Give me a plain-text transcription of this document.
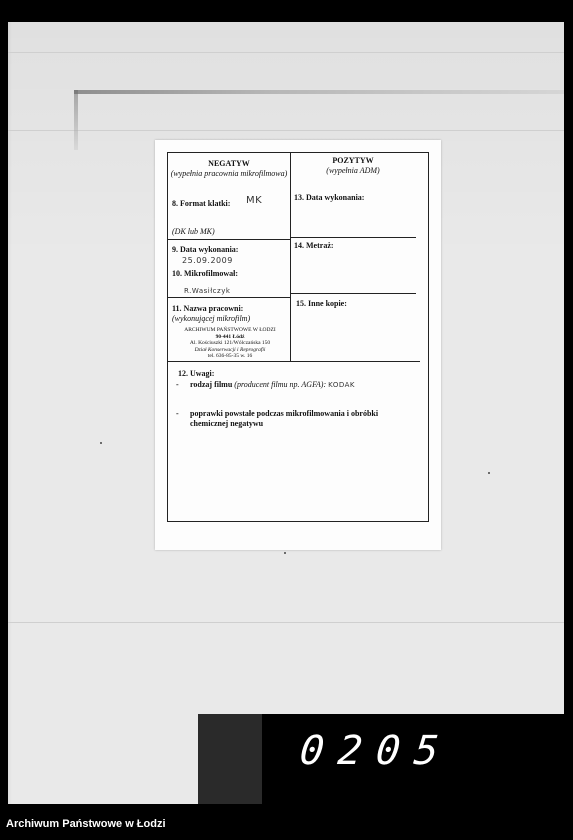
NEGATYW
(wypełnia pracownia mikrofilmowa)
POZYTYW
(wypełnia ADM)
8. Format klatki: MK
(DK lub MK)
13. Data wykonania:
9. Data wykonania:
25.09.2009
10. Mikrofilmował:
R.Wasiłczyk
14. Metraż:
11. Nazwa pracowni:
(wykonującej mikrofilm)
ARCHIWUM PAŃSTWOWE W ŁODZI
90-441 Łódź
Al. Kościuszki 121/Wólczańska 150
Dział Konserwacji i Reprografii
tel. 636-85-35 w. 16
15. Inne kopie:
12. Uwagi:
- rodzaj filmu (producent filmu np. AGFA): KODAK
- poprawki powstałe podczas mikrofilmowania i obróbki
chemicznej negatywu
0205
Archiwum Państwowe w Łodzi
